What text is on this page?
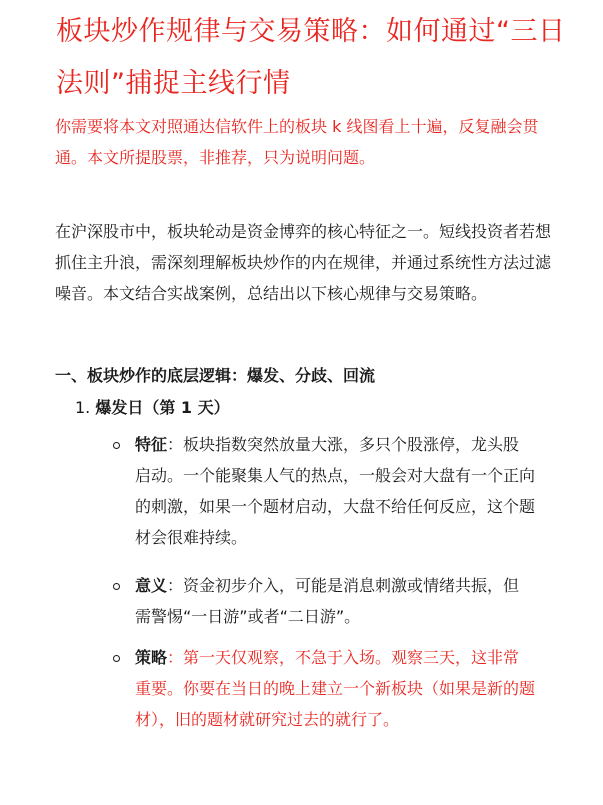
板块炒作规律与交易策略：如何通过“三日法则”捕捉主线行情

你需要将本文对照通达信软件上的板块 k 线图看上十遍，反复融会贯通。本文所提股票，非推荐，只为说明问题。

在沪深股市中，板块轮动是资金博弈的核心特征之一。短线投资者若想抓住主升浪，需深刻理解板块炒作的内在规律，并通过系统性方法过滤噪音。本文结合实战案例，总结出以下核心规律与交易策略。

一、板块炒作的底层逻辑：爆发、分歧、回流

1. 爆发日（第 1 天）

特征：板块指数突然放量大涨，多只个股涨停，龙头股启动。一个能聚集人气的热点，一般会对大盘有一个正向的刺激，如果一个题材启动，大盘不给任何反应，这个题材会很难持续。

意义：资金初步介入，可能是消息刺激或情绪共振，但需警惕“一日游”或者“二日游”。

策略：第一天仅观察，不急于入场。观察三天，这非常重要。你要在当日的晚上建立一个新板块（如果是新的题材），旧的题材就研究过去的就行了。
